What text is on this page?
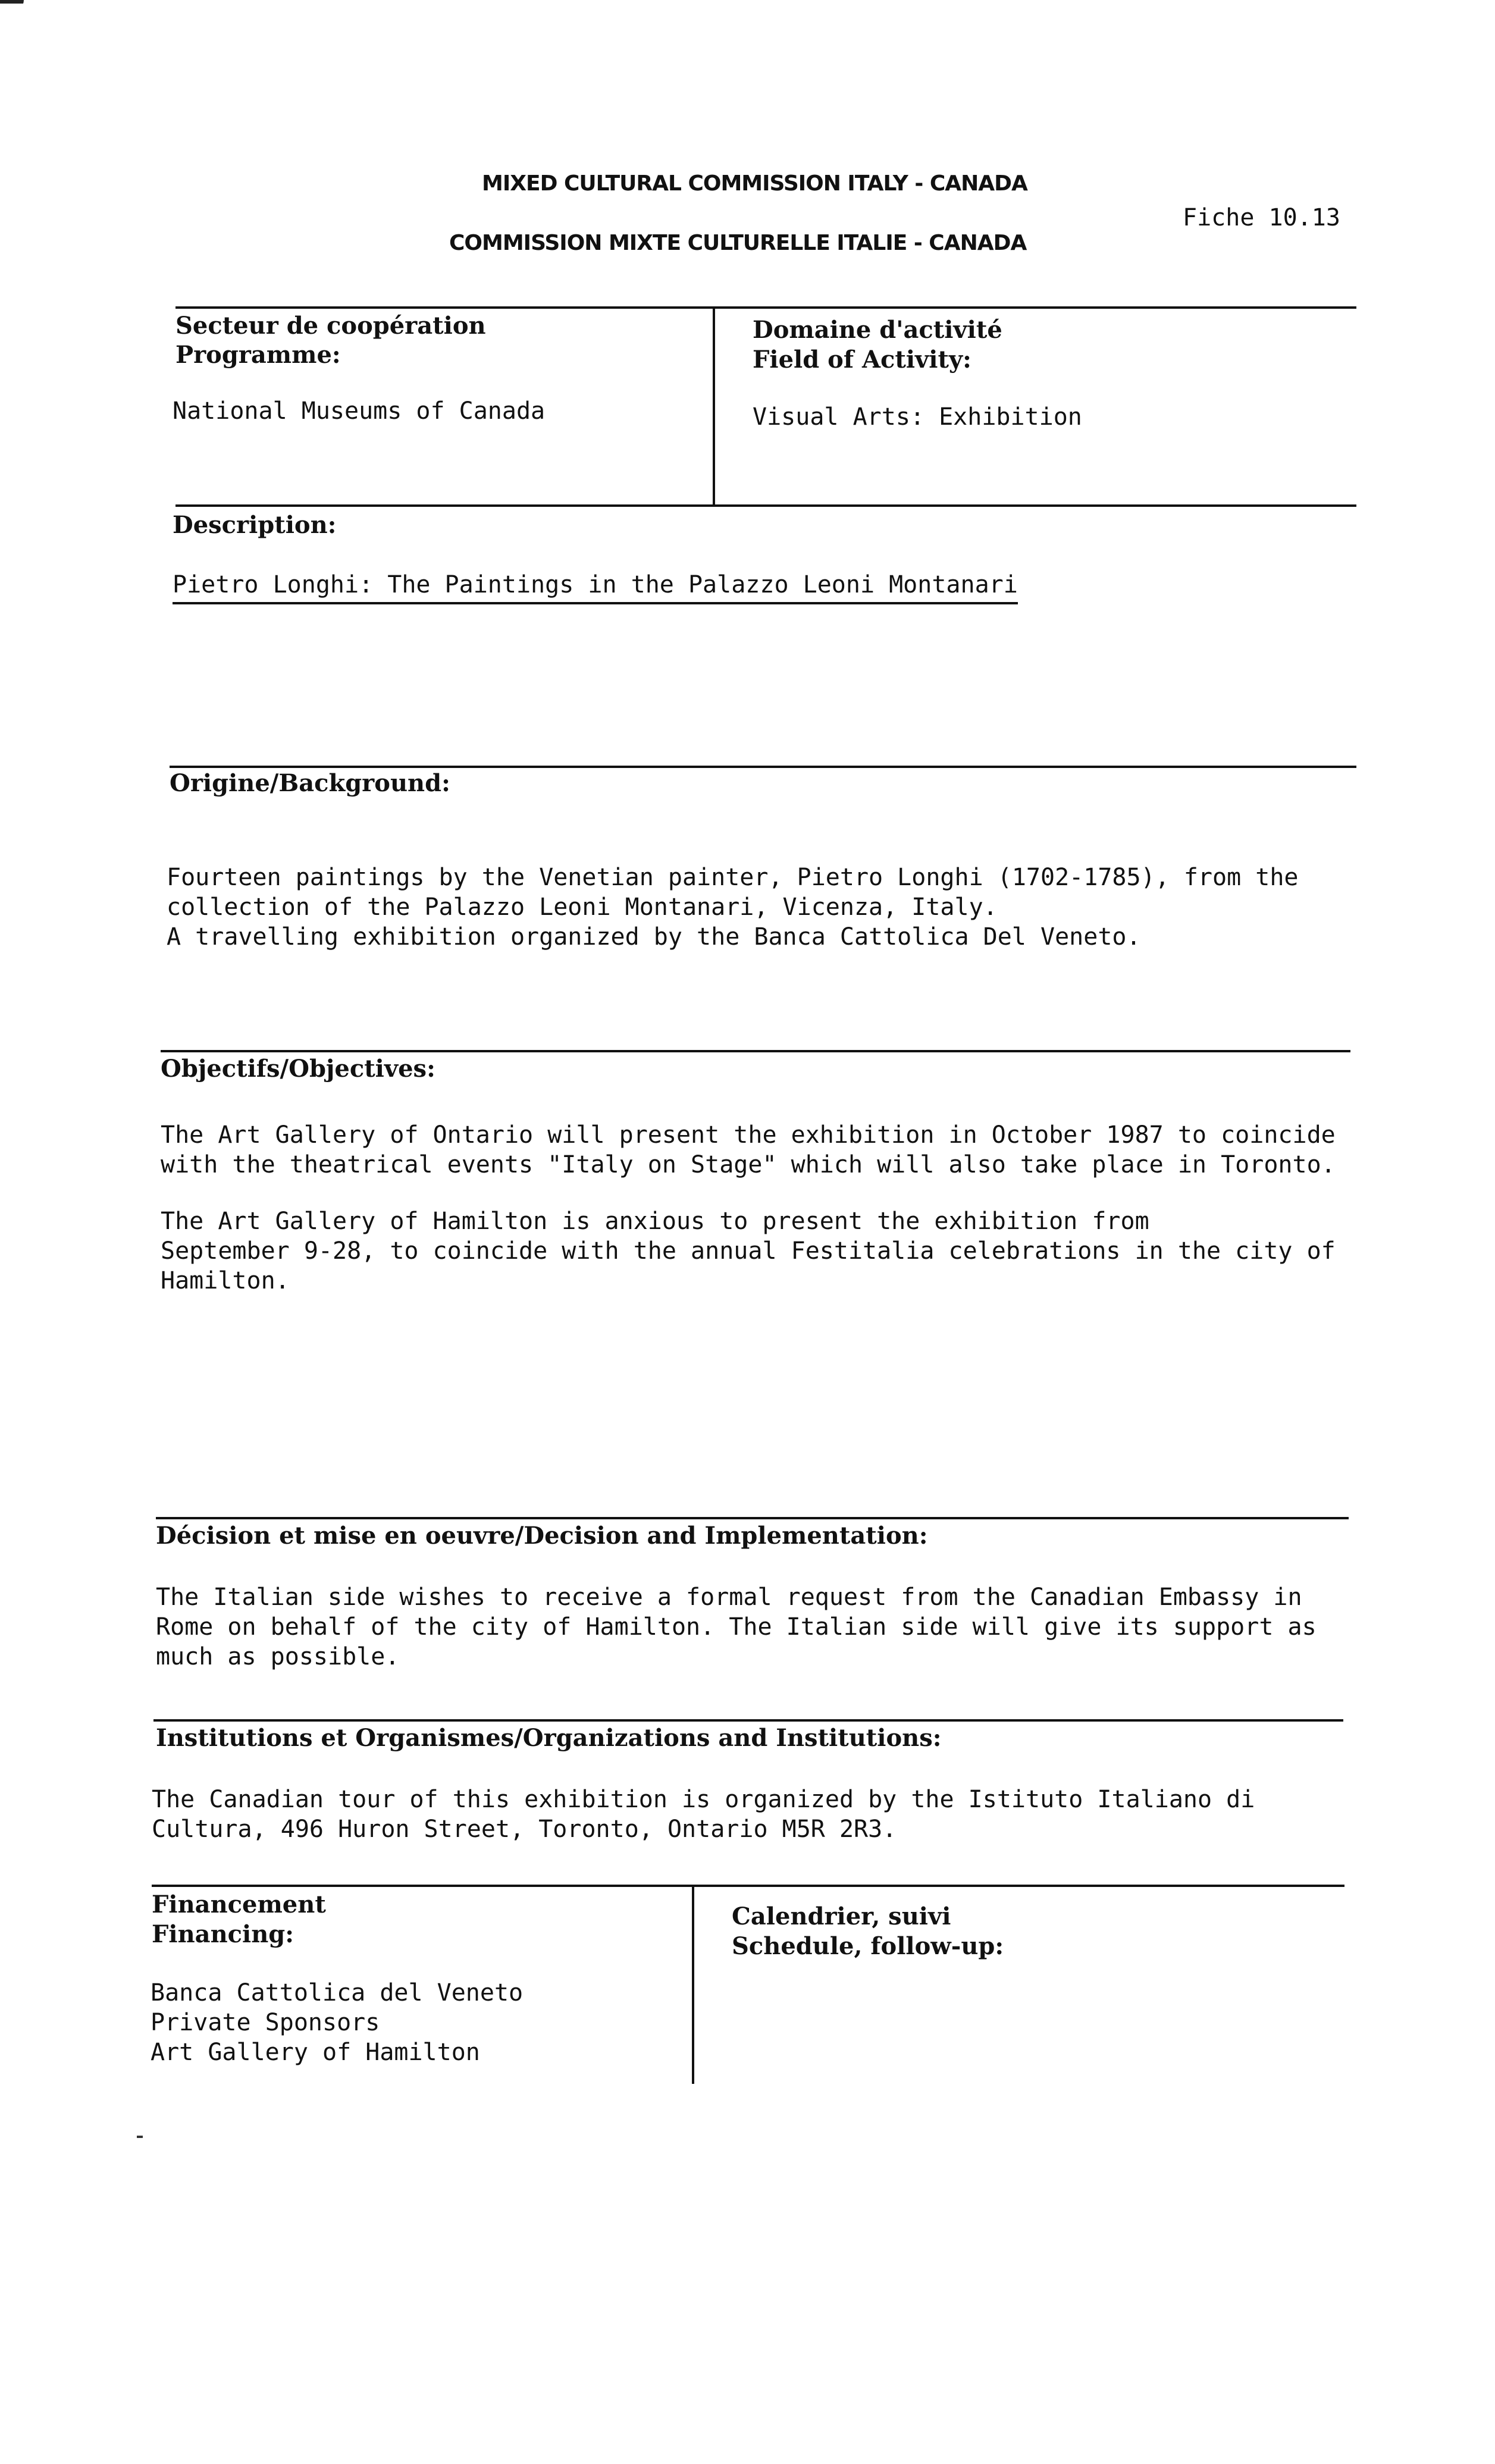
MIXED CULTURAL COMMISSION ITALY - CANADA
COMMISSION MIXTE CULTURELLE ITALIE - CANADA
Fiche 10.13
Secteur de coopération
Programme:
National Museums of Canada
Domaine d'activité
Field of Activity:
Visual Arts: Exhibition
Description:
Pietro Longhi: The Paintings in the Palazzo Leoni Montanari
Origine/Background:
Fourteen paintings by the Venetian painter, Pietro Longhi (1702-1785), from the
collection of the Palazzo Leoni Montanari, Vicenza, Italy.
A travelling exhibition organized by the Banca Cattolica Del Veneto.
Objectifs/Objectives:
The Art Gallery of Ontario will present the exhibition in October 1987 to coincide
with the theatrical events "Italy on Stage" which will also take place in Toronto.
The Art Gallery of Hamilton is anxious to present the exhibition from
September 9-28, to coincide with the annual Festitalia celebrations in the city of
Hamilton.
Décision et mise en oeuvre/Decision and Implementation:
The Italian side wishes to receive a formal request from the Canadian Embassy in
Rome on behalf of the city of Hamilton. The Italian side will give its support as
much as possible.
Institutions et Organismes/Organizations and Institutions:
The Canadian tour of this exhibition is organized by the Istituto Italiano di
Cultura, 496 Huron Street, Toronto, Ontario M5R 2R3.
Financement
Financing:
Banca Cattolica del Veneto
Private Sponsors
Art Gallery of Hamilton
Calendrier, suivi
Schedule, follow-up:
